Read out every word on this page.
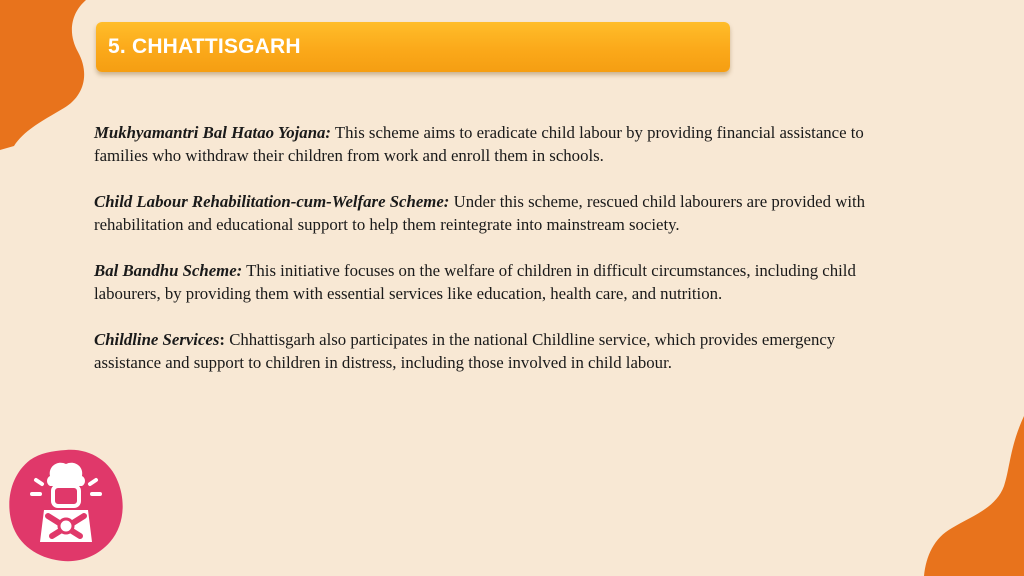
5. CHHATTISGARH

Mukhyamantri Bal Hatao Yojana: This scheme aims to eradicate child labour by providing financial assistance to families who withdraw their children from work and enroll them in schools.

Child Labour Rehabilitation-cum-Welfare Scheme: Under this scheme, rescued child labourers are provided with rehabilitation and educational support to help them reintegrate into mainstream society.

Bal Bandhu Scheme: This initiative focuses on the welfare of children in difficult circumstances, including child labourers, by providing them with essential services like education, health care, and nutrition.

Childline Services: Chhattisgarh also participates in the national Childline service, which provides emergency assistance and support to children in distress, including those involved in child labour.
